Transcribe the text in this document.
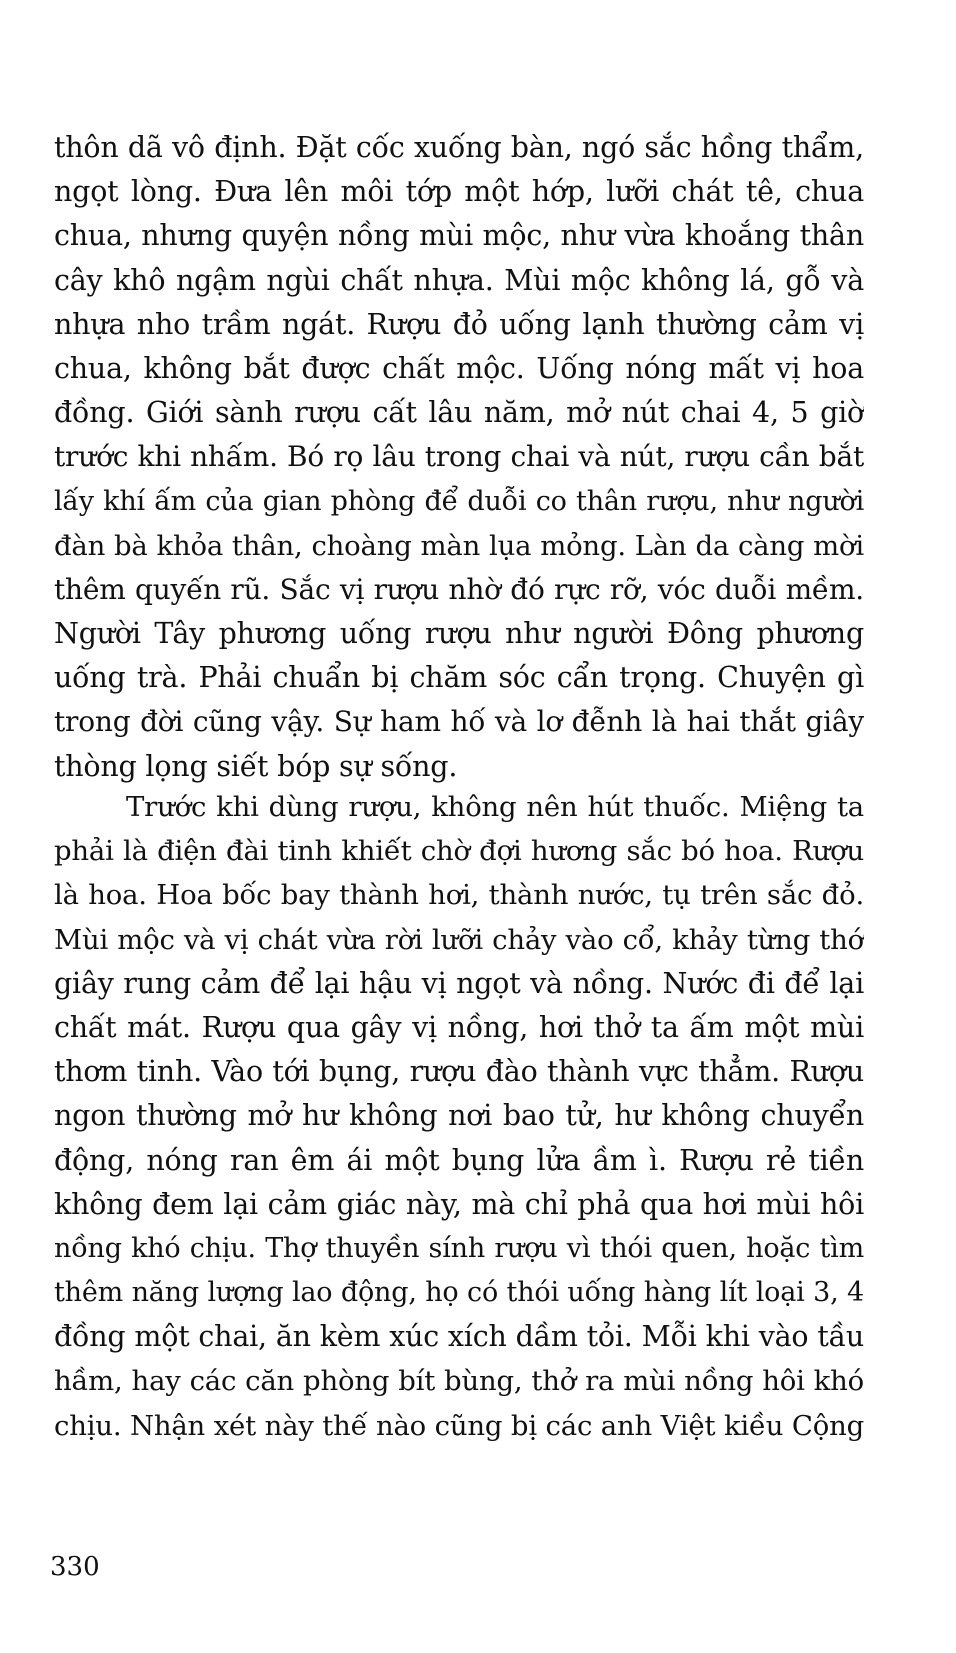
thôn dã vô định. Đặt cốc xuống bàn, ngó sắc hồng thẩm,
ngọt lòng. Đưa lên môi tớp một hớp, lưỡi chát tê, chua
chua, nhưng quyện nồng mùi mộc, như vừa khoắng thân
cây khô ngậm ngùi chất nhựa. Mùi mộc không lá, gỗ và
nhựa nho trầm ngát. Rượu đỏ uống lạnh thường cảm vị
chua, không bắt được chất mộc. Uống nóng mất vị hoa
đồng. Giới sành rượu cất lâu năm, mở nút chai 4, 5 giờ
trước khi nhấm. Bó rọ lâu trong chai và nút, rượu cần bắt
lấy khí ấm của gian phòng để duỗi co thân rượu, như người
đàn bà khỏa thân, choàng màn lụa mỏng. Làn da càng mời
thêm quyến rũ. Sắc vị rượu nhờ đó rực rỡ, vóc duỗi mềm.
Người Tây phương uống rượu như người Đông phương
uống trà. Phải chuẩn bị chăm sóc cẩn trọng. Chuyện gì
trong đời cũng vậy. Sự ham hố và lơ đễnh là hai thắt giây
thòng lọng siết bóp sự sống.
Trước khi dùng rượu, không nên hút thuốc. Miệng ta
phải là điện đài tinh khiết chờ đợi hương sắc bó hoa. Rượu
là hoa. Hoa bốc bay thành hơi, thành nước, tụ trên sắc đỏ.
Mùi mộc và vị chát vừa rời lưỡi chảy vào cổ, khảy từng thớ
giây rung cảm để lại hậu vị ngọt và nồng. Nước đi để lại
chất mát. Rượu qua gây vị nồng, hơi thở ta ấm một mùi
thơm tinh. Vào tới bụng, rượu đào thành vực thẳm. Rượu
ngon thường mở hư không nơi bao tử, hư không chuyển
động, nóng ran êm ái một bụng lửa ầm ì. Rượu rẻ tiền
không đem lại cảm giác này, mà chỉ phả qua hơi mùi hôi
nồng khó chịu. Thợ thuyền sính rượu vì thói quen, hoặc tìm
thêm năng lượng lao động, họ có thói uống hàng lít loại 3, 4
đồng một chai, ăn kèm xúc xích dầm tỏi. Mỗi khi vào tầu
hầm, hay các căn phòng bít bùng, thở ra mùi nồng hôi khó
chịu. Nhận xét này thế nào cũng bị các anh Việt kiều Cộng
330
